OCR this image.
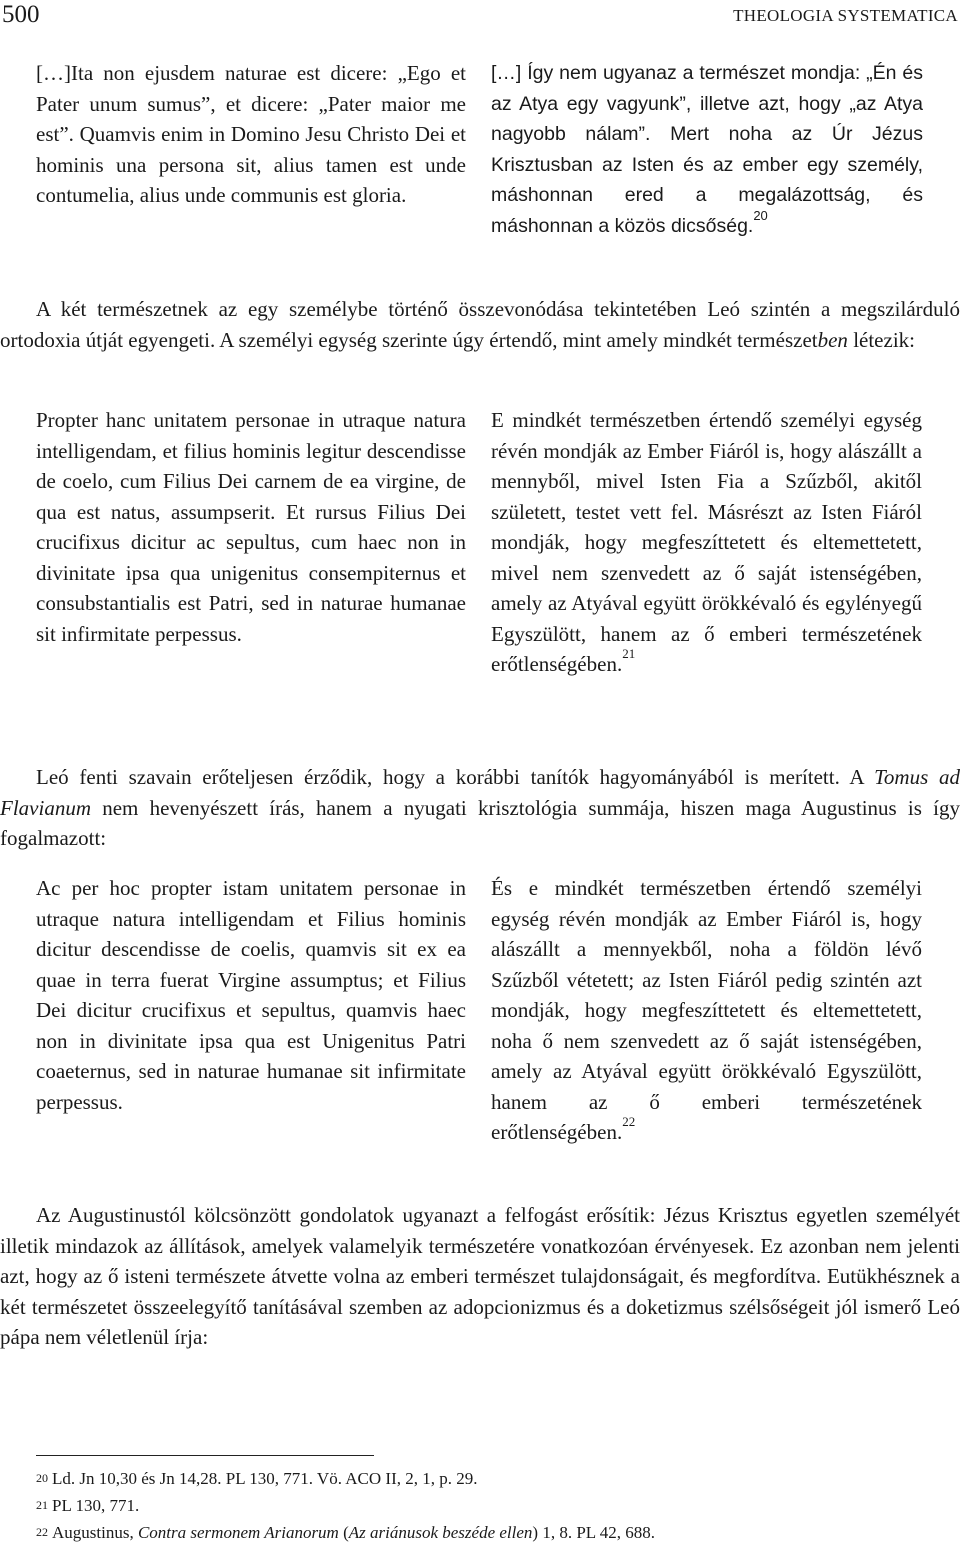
500	THEOLOGIA SYSTEMATICA
[…]Ita non ejusdem naturae est dicere: „Ego et Pater unum sumus”, et dicere: „Pater maior me est”. Quamvis enim in Domino Jesu Christo Dei et hominis una persona sit, alius tamen est unde contumelia, alius unde communis est gloria.
[…] Így nem ugyanaz a természet mondja: „Én és az Atya egy vagyunk”, illetve azt, hogy „az Atya nagyobb nálam”. Mert noha az Úr Jézus Krisztusban az Isten és az ember egy személy, máshonnan ered a megalázottság, és máshonnan a közös dicsőség.$^{20}$

A két természetnek az egy személybe történő összevonódása tekintetében Leó szintén a megszilárduló ortodoxia útját egyengeti. A személyi egység szerinte úgy értendő, mint amely mindkét természetben létezik:

Propter hanc unitatem personae in utraque natura intelligendam, et filius hominis legitur descendisse de coelo, cum Filius Dei carnem de ea virgine, de qua est natus, assumpserit. Et rursus Filius Dei crucifixus dicitur ac sepultus, cum haec non in divinitate ipsa qua unigenitus consempiternus et consubstantialis est Patri, sed in naturae humanae sit infirmitate perpessus.
E mindkét természetben értendő személyi egység révén mondják az Ember Fiáról is, hogy alászállt a mennyből, mivel Isten Fia a Szűzből, akitől született, testet vett fel. Másrészt az Isten Fiáról mondják, hogy megfeszíttetett és eltemettetett, mivel nem szenvedett az ő saját istenségében, amely az Atyával együtt örökkévaló és egylényegű Egyszülött, hanem az ő emberi természetének erőtlenségében.$^{21}$

Leó fenti szavain erőteljesen érződik, hogy a korábbi tanítók hagyományából is merített. A Tomus ad Flavianum nem hevenyészett írás, hanem a nyugati krisztológia summája, hiszen maga Augustinus is így fogalmazott:

Ac per hoc propter istam unitatem personae in utraque natura intelligendam et Filius hominis dicitur descendisse de coelis, quamvis sit ex ea quae in terra fuerat Virgine assumptus; et Filius Dei dicitur crucifixus et sepultus, quamvis haec non in divinitate ipsa qua est Unigenitus Patri coaeternus, sed in naturae humanae sit infirmitate perpessus.
És e mindkét természetben értendő személyi egység révén mondják az Ember Fiáról is, hogy alászállt a mennyekből, noha a földön lévő Szűzből vétetett; az Isten Fiáról pedig szintén azt mondják, hogy megfeszíttetett és eltemettetett, noha ő nem szenvedett az ő saját istenségében, amely az Atyával együtt örökkévaló Egyszülött, hanem az ő emberi természetének erőtlenségében.$^{22}$

Az Augustinustól kölcsönzött gondolatok ugyanazt a felfogást erősítik: Jézus Krisztus egyetlen személyét illetik mindazok az állítások, amelyek valamelyik természetére vonatkozóan érvényesek. Ez azonban nem jelenti azt, hogy az ő isteni természete átvette volna az emberi természet tulajdonságait, és megfordítva. Eutükhésznek a két természetet összeelegyítő tanításával szemben az adopcionizmus és a doketizmus szélsőségeit jól ismerő Leó pápa nem véletlenül írja:

$^{20}$ Ld. Jn 10,30 és Jn 14,28. PL 130, 771. Vö. ACO II, 2, 1, p. 29.
$^{21}$ PL 130, 771.
$^{22}$ Augustinus, Contra sermonem Arianorum (Az ariánusok beszéde ellen) 1, 8. PL 42, 688.
